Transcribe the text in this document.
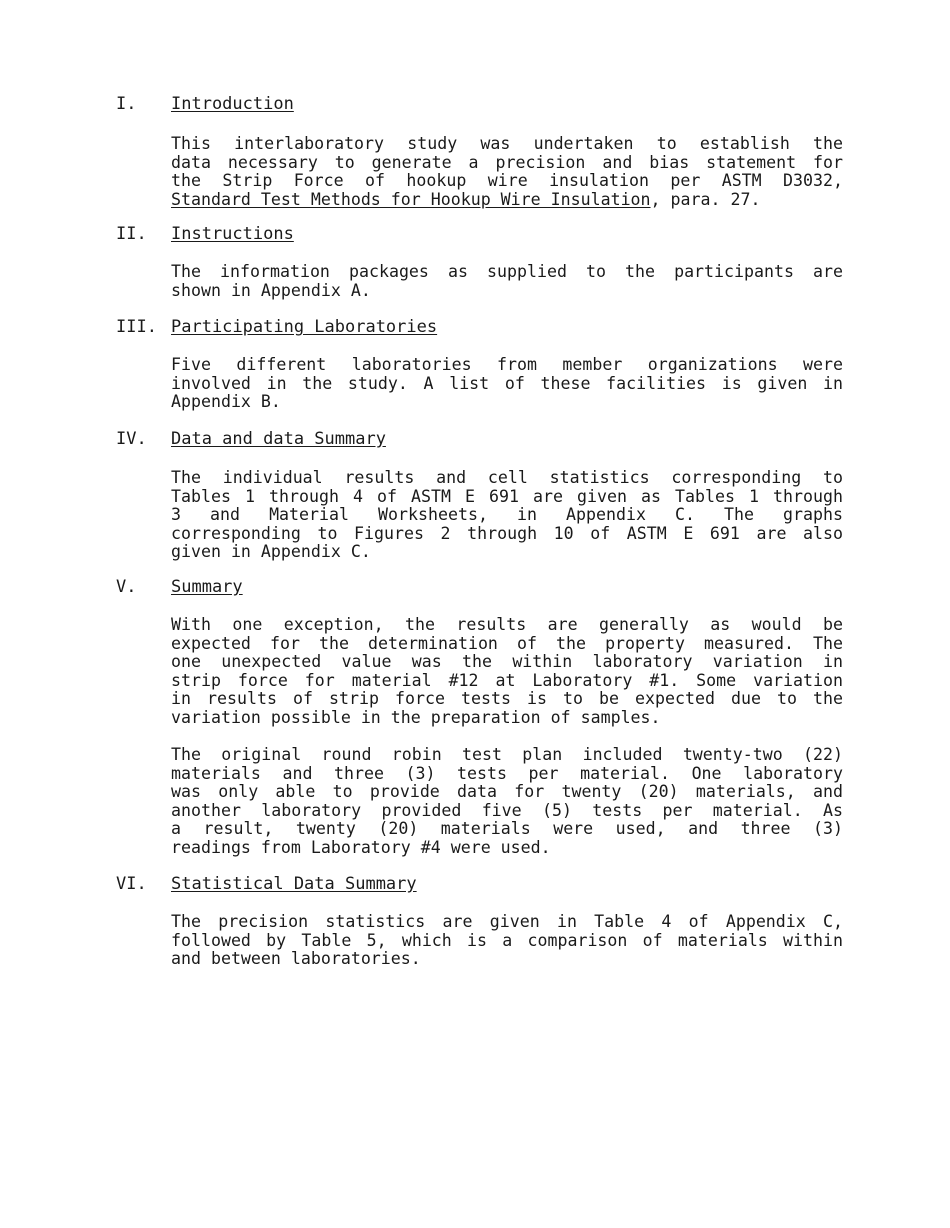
I. Introduction
This interlaboratory study was undertaken to establish the
data necessary to generate a precision and bias statement for
the Strip Force of hookup wire insulation per ASTM D3032,
Standard Test Methods for Hookup Wire Insulation, para. 27.
II. Instructions
The information packages as supplied to the participants are
shown in Appendix A.
III. Participating Laboratories
Five different laboratories from member organizations were
involved in the study. A list of these facilities is given in
Appendix B.
IV. Data and data Summary
The individual results and cell statistics corresponding to
Tables 1 through 4 of ASTM E 691 are given as Tables 1 through
3 and Material Worksheets, in Appendix C. The graphs
corresponding to Figures 2 through 10 of ASTM E 691 are also
given in Appendix C.
V. Summary
With one exception, the results are generally as would be
expected for the determination of the property measured. The
one unexpected value was the within laboratory variation in
strip force for material #12 at Laboratory #1. Some variation
in results of strip force tests is to be expected due to the
variation possible in the preparation of samples.
The original round robin test plan included twenty-two (22)
materials and three (3) tests per material. One laboratory
was only able to provide data for twenty (20) materials, and
another laboratory provided five (5) tests per material. As
a result, twenty (20) materials were used, and three (3)
readings from Laboratory #4 were used.
VI. Statistical Data Summary
The precision statistics are given in Table 4 of Appendix C,
followed by Table 5, which is a comparison of materials within
and between laboratories.
